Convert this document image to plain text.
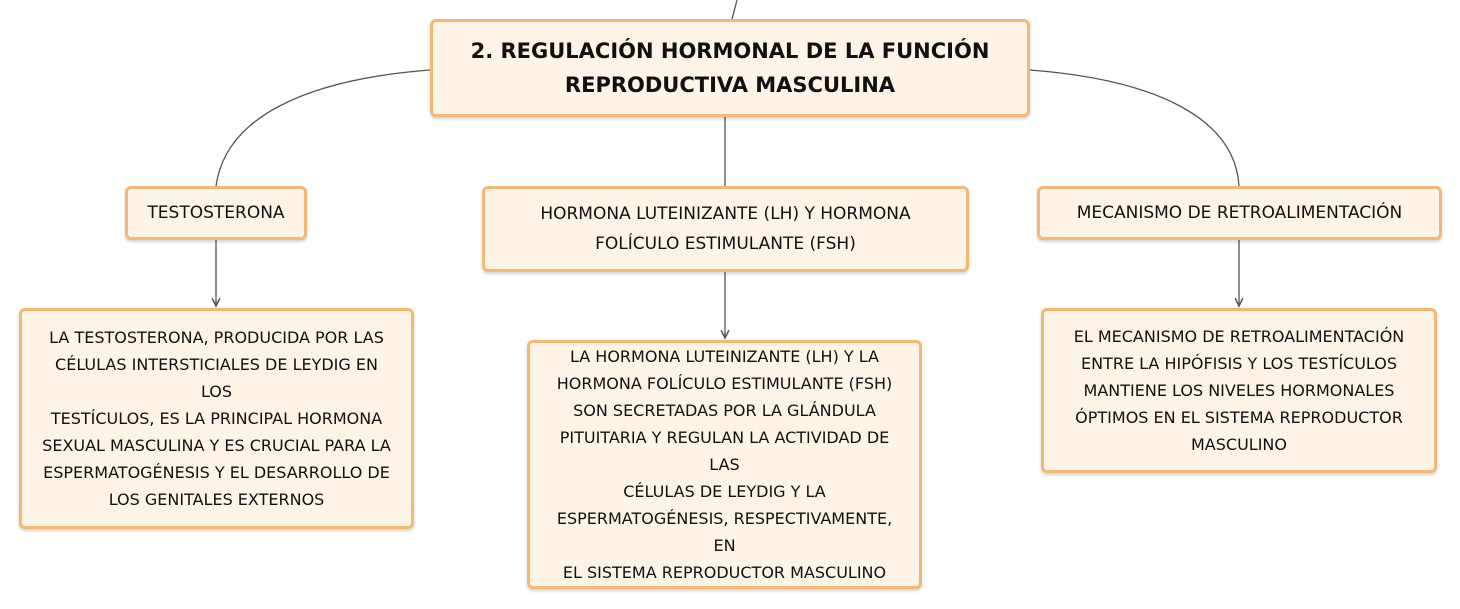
2. REGULACIÓN HORMONAL DE LA FUNCIÓN
REPRODUCTIVA MASCULINA
TESTOSTERONA	HORMONA LUTEINIZANTE (LH) Y HORMONA
FOLÍCULO ESTIMULANTE (FSH)
MECANISMO DE RETROALIMENTACIÓN
LA TESTOSTERONA, PRODUCIDA POR LAS
CÉLULAS INTERSTICIALES DE LEYDIG EN LOS
TESTÍCULOS, ES LA PRINCIPAL HORMONA
SEXUAL MASCULINA Y ES CRUCIAL PARA LA
ESPERMATOGÉNESIS Y EL DESARROLLO DE
LOS GENITALES EXTERNOS
LA HORMONA LUTEINIZANTE (LH) Y LA
HORMONA FOLÍCULO ESTIMULANTE (FSH)
SON SECRETADAS POR LA GLÁNDULA
PITUITARIA Y REGULAN LA ACTIVIDAD DE LAS
CÉLULAS DE LEYDIG Y LA
ESPERMATOGÉNESIS, RESPECTIVAMENTE, EN
EL SISTEMA REPRODUCTOR MASCULINO
EL MECANISMO DE RETROALIMENTACIÓN
ENTRE LA HIPÓFISIS Y LOS TESTÍCULOS
MANTIENE LOS NIVELES HORMONALES
ÓPTIMOS EN EL SISTEMA REPRODUCTOR
MASCULINO
